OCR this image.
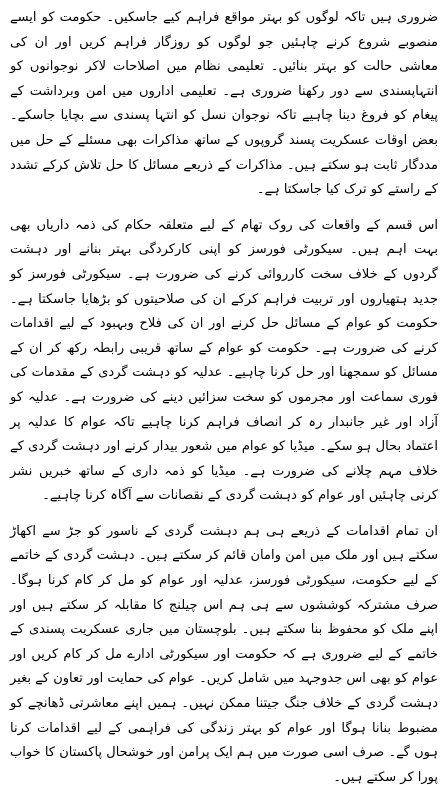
ضروری ہیں تاکہ لوگوں کو بہتر مواقع فراہم کیے جاسکیں۔ حکومت کو ایسے منصوبے شروع کرنے چاہئیں جو لوگوں کو روزگار فراہم کریں اور ان کی معاشی حالت کو بہتر بنائیں۔ تعلیمی نظام میں اصلاحات لاکر نوجوانوں کو انتہاپسندی سے دور رکھنا ضروری ہے۔ تعلیمی اداروں میں امن وبرداشت کے پیغام کو فروغ دینا چاہیے تاکہ نوجوان نسل کو انتہا پسندی سے بچایا جاسکے۔ بعض اوقات عسکریت پسند گروپوں کے ساتھ مذاکرات بھی مسئلے کے حل میں مددگار ثابت ہو سکتے ہیں۔ مذاکرات کے ذریعے مسائل کا حل تلاش کرکے تشدد کے راستے کو ترک کیا جاسکتا ہے۔

اس قسم کے واقعات کی روک تھام کے لیے متعلقہ حکام کی ذمہ داریاں بھی بہت اہم ہیں۔ سیکورٹی فورسز کو اپنی کارکردگی بہتر بنانے اور دہشت گردوں کے خلاف سخت کارروائی کرنے کی ضرورت ہے۔ سیکورٹی فورسز کو جدید ہتھیاروں اور تربیت فراہم کرکے ان کی صلاحیتوں کو بڑھایا جاسکتا ہے۔ حکومت کو عوام کے مسائل حل کرنے اور ان کی فلاح وبہبود کے لیے اقدامات کرنے کی ضرورت ہے۔ حکومت کو عوام کے ساتھ قریبی رابطہ رکھ کر ان کے مسائل کو سمجھنا اور حل کرنا چاہیے۔ عدلیہ کو دہشت گردی کے مقدمات کی فوری سماعت اور مجرموں کو سخت سزائیں دینے کی ضرورت ہے۔ عدلیہ کو آزاد اور غیر جانبدار رہ کر انصاف فراہم کرنا چاہیے تاکہ عوام کا عدلیہ پر اعتماد بحال ہو سکے۔ میڈیا کو عوام میں شعور بیدار کرنے اور دہشت گردی کے خلاف مہم چلانے کی ضرورت ہے۔ میڈیا کو ذمہ داری کے ساتھ خبریں نشر کرنی چاہئیں اور عوام کو دہشت گردی کے نقصانات سے آگاہ کرنا چاہیے۔

ان تمام اقدامات کے ذریعے ہی ہم دہشت گردی کے ناسور کو جڑ سے اکھاڑ سکتے ہیں اور ملک میں امن وامان قائم کر سکتے ہیں۔ دہشت گردی کے خاتمے کے لیے حکومت، سیکورٹی فورسز، عدلیہ اور عوام کو مل کر کام کرنا ہوگا۔ صرف مشترکہ کوششوں سے ہی ہم اس چیلنج کا مقابلہ کر سکتے ہیں اور اپنے ملک کو محفوظ بنا سکتے ہیں۔ بلوچستان میں جاری عسکریت پسندی کے خاتمے کے لیے ضروری ہے کہ حکومت اور سیکورٹی ادارے مل کر کام کریں اور عوام کو بھی اس جدوجہد میں شامل کریں۔ عوام کی حمایت اور تعاون کے بغیر دہشت گردی کے خلاف جنگ جیتنا ممکن نہیں۔ ہمیں اپنے معاشرتی ڈھانچے کو مضبوط بنانا ہوگا اور عوام کو بہتر زندگی کی فراہمی کے لیے اقدامات کرنا ہوں گے۔ صرف اسی صورت میں ہم ایک پرامن اور خوشحال پاکستان کا خواب پورا کر سکتے ہیں۔
